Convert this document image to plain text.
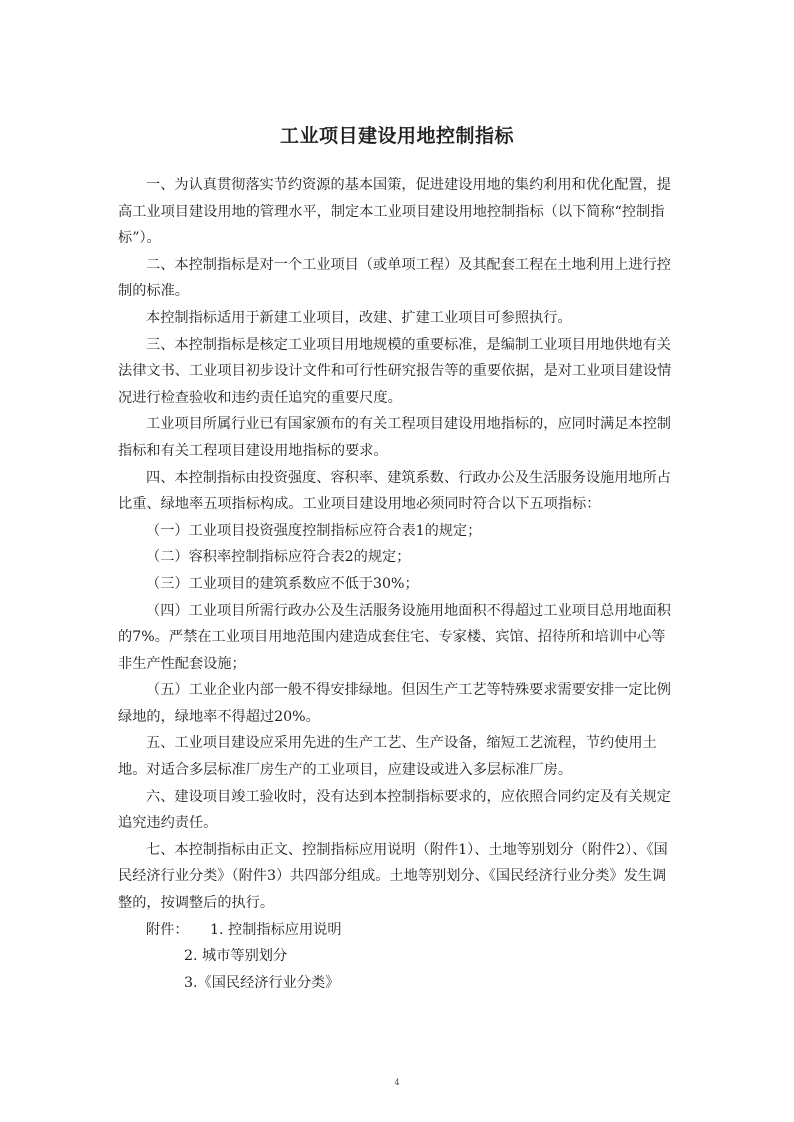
工业项目建设用地控制指标

一、为认真贯彻落实节约资源的基本国策，促进建设用地的集约利用和优化配置，提高工业项目建设用地的管理水平，制定本工业项目建设用地控制指标（以下简称“控制指标”）。

二、本控制指标是对一个工业项目（或单项工程）及其配套工程在土地利用上进行控制的标准。

本控制指标适用于新建工业项目，改建、扩建工业项目可参照执行。

三、本控制指标是核定工业项目用地规模的重要标准，是编制工业项目用地供地有关法律文书、工业项目初步设计文件和可行性研究报告等的重要依据，是对工业项目建设情况进行检查验收和违约责任追究的重要尺度。

工业项目所属行业已有国家颁布的有关工程项目建设用地指标的，应同时满足本控制指标和有关工程项目建设用地指标的要求。

四、本控制指标由投资强度、容积率、建筑系数、行政办公及生活服务设施用地所占比重、绿地率五项指标构成。工业项目建设用地必须同时符合以下五项指标：

（一）工业项目投资强度控制指标应符合表1的规定；

（二）容积率控制指标应符合表2的规定；

（三）工业项目的建筑系数应不低于30%；

（四）工业项目所需行政办公及生活服务设施用地面积不得超过工业项目总用地面积的7%。严禁在工业项目用地范围内建造成套住宅、专家楼、宾馆、招待所和培训中心等非生产性配套设施；

（五）工业企业内部一般不得安排绿地。但因生产工艺等特殊要求需要安排一定比例绿地的，绿地率不得超过20%。

五、工业项目建设应采用先进的生产工艺、生产设备，缩短工艺流程，节约使用土地。对适合多层标准厂房生产的工业项目，应建设或进入多层标准厂房。

六、建设项目竣工验收时，没有达到本控制指标要求的，应依照合同约定及有关规定追究违约责任。

七、本控制指标由正文、控制指标应用说明（附件1）、土地等别划分（附件2）、《国民经济行业分类》（附件3）共四部分组成。土地等别划分、《国民经济行业分类》发生调整的，按调整后的执行。

附件：	1. 控制指标应用说明
2. 城市等别划分
3.《国民经济行业分类》
4
